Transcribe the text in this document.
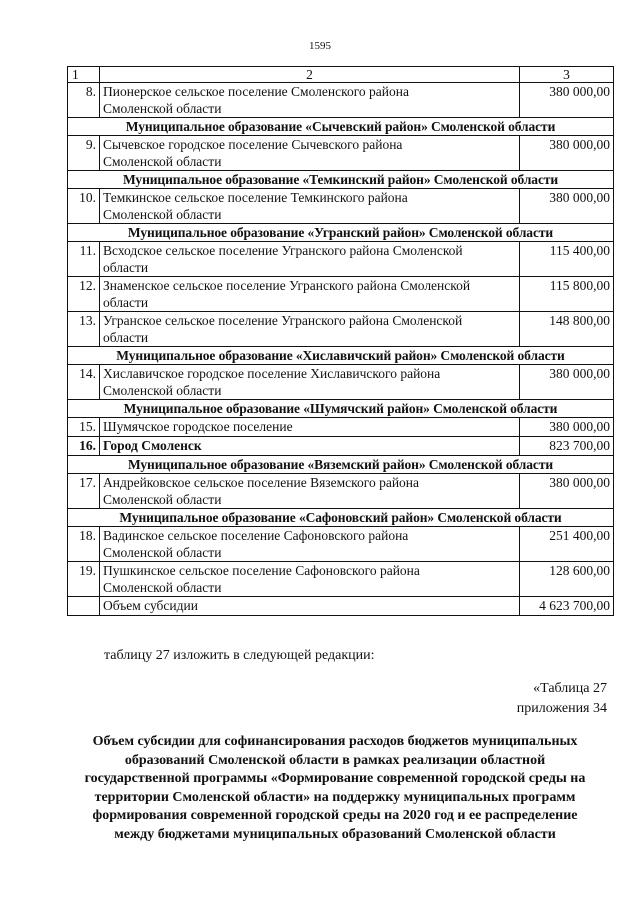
1595
1	2	3
8.	Пионерское сельское поселение Смоленского района
Смоленской области	380 000,00
Муниципальное образование «Сычевский район» Смоленской области		
9.	Сычевское городское поселение Сычевского района
Смоленской области	380 000,00
Муниципальное образование «Темкинский район» Смоленской области		
10.	Темкинское сельское поселение Темкинского района
Смоленской области	380 000,00
Муниципальное образование «Угранский район» Смоленской области		
11.	Всходское сельское поселение Угранского района Смоленской
области	115 400,00
12.	Знаменское сельское поселение Угранского района Смоленской
области	115 800,00
13.	Угранское сельское поселение Угранского района Смоленской
области	148 800,00
Муниципальное образование «Хиславичский район» Смоленской области		
14.	Хиславичское городское поселение Хиславичского района
Смоленской области	380 000,00
Муниципальное образование «Шумячский район» Смоленской области		
15.	Шумячское городское поселение	380 000,00
16.	Город Смоленск	823 700,00
Муниципальное образование «Вяземский район» Смоленской области		
17.	Андрейковское сельское поселение Вяземского района
Смоленской области	380 000,00
Муниципальное образование «Сафоновский район» Смоленской области		
18.	Вадинское сельское поселение Сафоновского района
Смоленской области	251 400,00
19.	Пушкинское сельское поселение Сафоновского района
Смоленской области	128 600,00

	Объем субсидии	4 623 700,00
таблицу 27 изложить в следующей редакции:
«Таблица 27
приложения 34
Объем субсидии для софинансирования расходов бюджетов муниципальных
образований Смоленской области в рамках реализации областной
государственной программы «Формирование современной городской среды на
территории Смоленской области» на поддержку муниципальных программ
формирования современной городской среды на 2020 год и ее распределение
между бюджетами муниципальных образований Смоленской области
